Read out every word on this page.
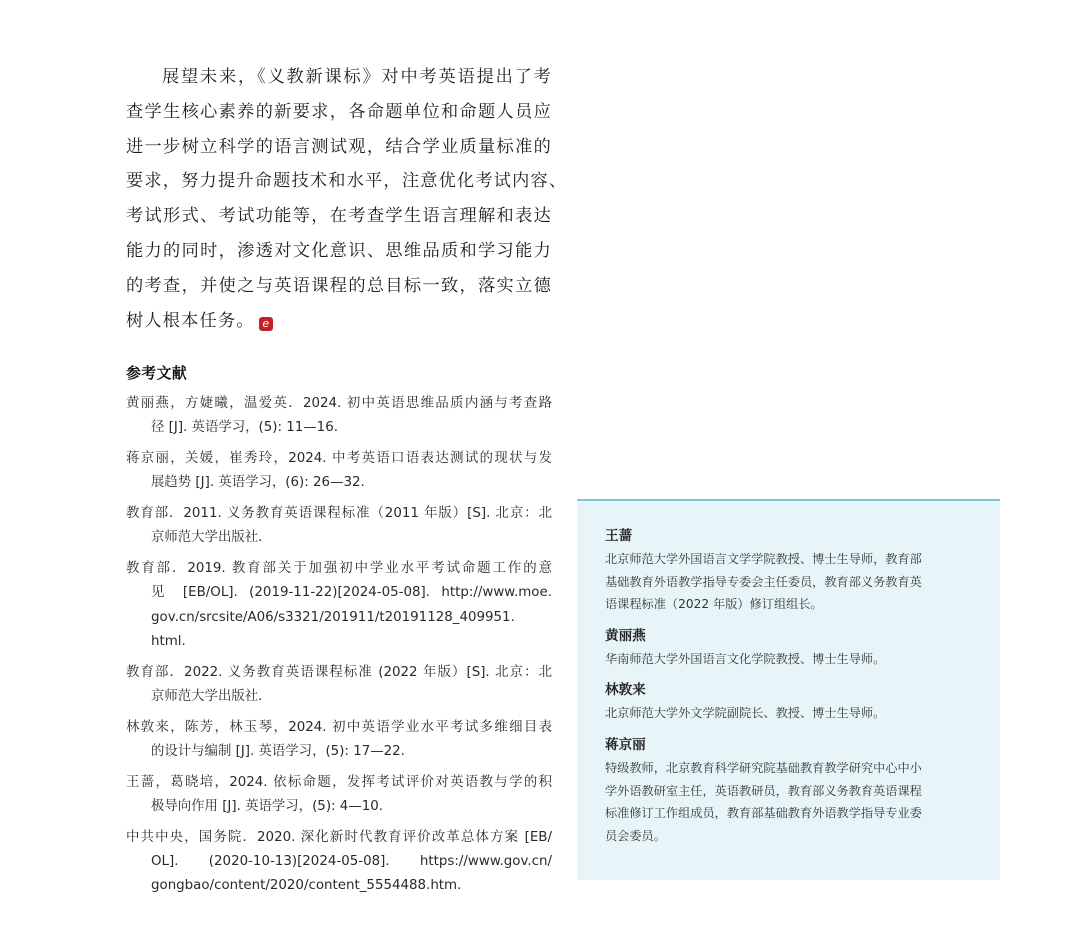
展望未来，《义教新课标》对中考英语提出了考
查学生核心素养的新要求，各命题单位和命题人员应
进一步树立科学的语言测试观，结合学业质量标准的
要求，努力提升命题技术和水平，注意优化考试内容、
考试形式、考试功能等，在考查学生语言理解和表达
能力的同时，渗透对文化意识、思维品质和学习能力
的考查，并使之与英语课程的总目标一致，落实立德
树人根本任务。 e

参考文献
黄丽燕，方婕曦，温爱英．2024. 初中英语思维品质内涵与考查路
径 [J]. 英语学习，(5): 11—16.
蒋京丽，关媛，崔秀玲，2024. 中考英语口语表达测试的现状与发
展趋势 [J]. 英语学习，(6): 26—32.
教育部．2011. 义务教育英语课程标准（2011 年版）[S]. 北京：北
京师范大学出版社．
教育部．2019. 教育部关于加强初中学业水平考试命题工作的意
见 [EB/OL]. (2019-11-22)[2024-05-08]. http://www.moe.
gov.cn/srcsite/A06/s3321/201911/t20191128_409951.
html.
教育部．2022. 义务教育英语课程标准 (2022 年版）[S]. 北京：北
京师范大学出版社．
林敦来，陈芳，林玉琴，2024. 初中英语学业水平考试多维细目表
的设计与编制 [J]. 英语学习，(5): 17—22.
王蔷，葛晓培，2024. 依标命题，发挥考试评价对英语教与学的积
极导向作用 [J]. 英语学习，(5): 4—10.
中共中央，国务院．2020. 深化新时代教育评价改革总体方案 [EB/
OL]. (2020-10-13)[2024-05-08]. https://www.gov.cn/
gongbao/content/2020/content_5554488.htm.
王蔷
北京师范大学外国语言文学学院教授、博士生导师，教育部
基础教育外语教学指导专委会主任委员，教育部义务教育英
语课程标准（2022 年版）修订组组长。
黄丽燕
华南师范大学外国语言文化学院教授、博士生导师。
林敦来
北京师范大学外文学院副院长、教授、博士生导师。
蒋京丽
特级教师，北京教育科学研究院基础教育教学研究中心中小
学外语教研室主任，英语教研员，教育部义务教育英语课程
标准修订工作组成员，教育部基础教育外语教学指导专业委
员会委员。
